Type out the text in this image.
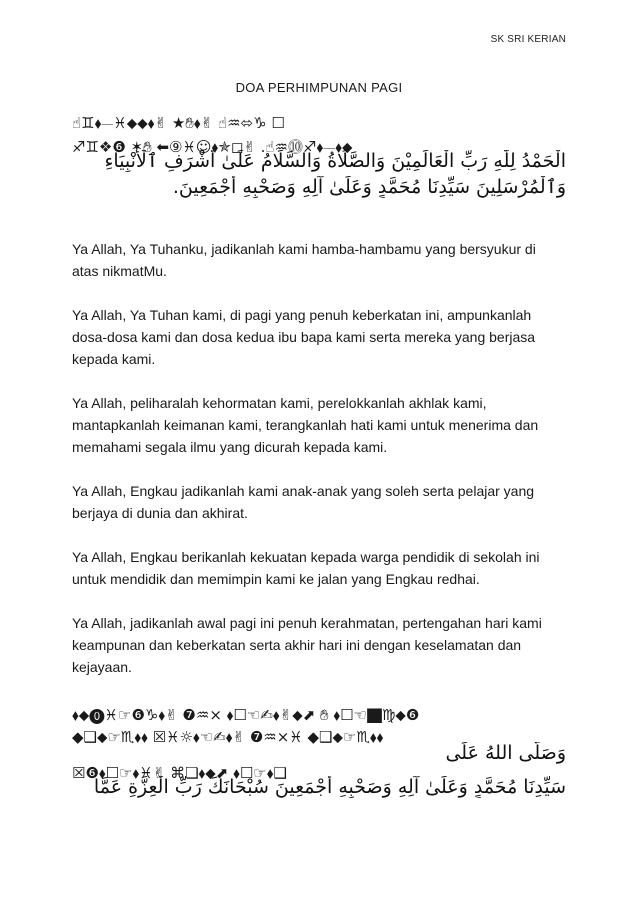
SK SRI KERIAN
DOA PERHIMPUNAN PAGI
☝︎♊︎⬧︎⏤︎♓︎⬥︎⬥︎⬧︎✌︎ ★︎✋︎⬧︎✌︎ ☝︎♒︎⬄︎♑︎ ☐︎
♐︎♊︎❖︎❻ ✶︎✋︎ ⬅︎⑨♓︎☺︎⬧︎✯︎◻︎✌︎ .☝︎♒︎⓾♐︎⬧︎⏤︎⬧︎⬥︎
الْحَمْدُ لِلّٰهِ رَبِّ الْعَالَمِيْنَ وَالصَّلَاةُ وَالسَّلَامُ عَلَىٰ أَشْرَفِ ٱلْأَنْبِيَاءِ
وَٱلْمُرْسَلِينَ سَيِّدِنَا مُحَمَّدٍ وَعَلَىٰ آلِهِ وَصَحْبِهِ أَجْمَعِينَ.

Ya Allah, Ya Tuhanku, jadikanlah kami hamba-hambamu yang bersyukur di atas nikmatMu.

Ya Allah, Ya Tuhan kami, di pagi yang penuh keberkatan ini, ampunkanlah dosa-dosa kami dan dosa kedua ibu bapa kami serta mereka yang berjasa kepada kami.

Ya Allah, peliharalah kehormatan kami, perelokkanlah akhlak kami, mantapkanlah keimanan kami, terangkanlah hati kami untuk menerima dan memahami segala ilmu yang dicurah kepada kami.

Ya Allah, Engkau jadikanlah kami anak-anak yang soleh serta pelajar yang berjaya di dunia dan akhirat.

Ya Allah, Engkau berikanlah kekuatan kepada warga pendidik di sekolah ini untuk mendidik dan memimpin kami ke jalan yang Engkau redhai.

Ya Allah, jadikanlah awal pagi ini penuh kerahmatan, pertengahan hari kami keampunan dan keberkatan serta akhir hari ini dengan keselamatan dan kejayaan.

⬧︎⬥︎⓿♓︎☞︎❻♑︎⬧︎✌︎ ❼♒︎× ⬧︎☐︎☜︎✍︎⬧︎✌︎⬥︎⬈︎ ✋︎ ⬧︎☐︎☜︎⬛︎♍︎⬥︎❻
◆︎❑︎⬥︎☞︎♏︎⬧︎⬧︎ ☒︎♓︎☼︎⬧︎☜︎✍︎⬧︎✌︎ ❼♒︎×♓︎ ◆︎❑︎⬥︎☞︎♏︎⬧︎⬧︎
وَصَلَّى اللهُ عَلَى
☒︎❻⬧︎☐︎☞︎⬧︎♓︎✌︎ ⌘︎❏︎⬧︎⬥︎⬈︎ ⬧︎☐︎☞︎⬧︎❑︎
سَيِّدِنَا مُحَمَّدٍ وَعَلَىٰ آلِهِ وَصَحْبِهِ أَجْمَعِينَ سُبْحَانَكَ رَبِّ الْعِزَّةِ عَمَّا
